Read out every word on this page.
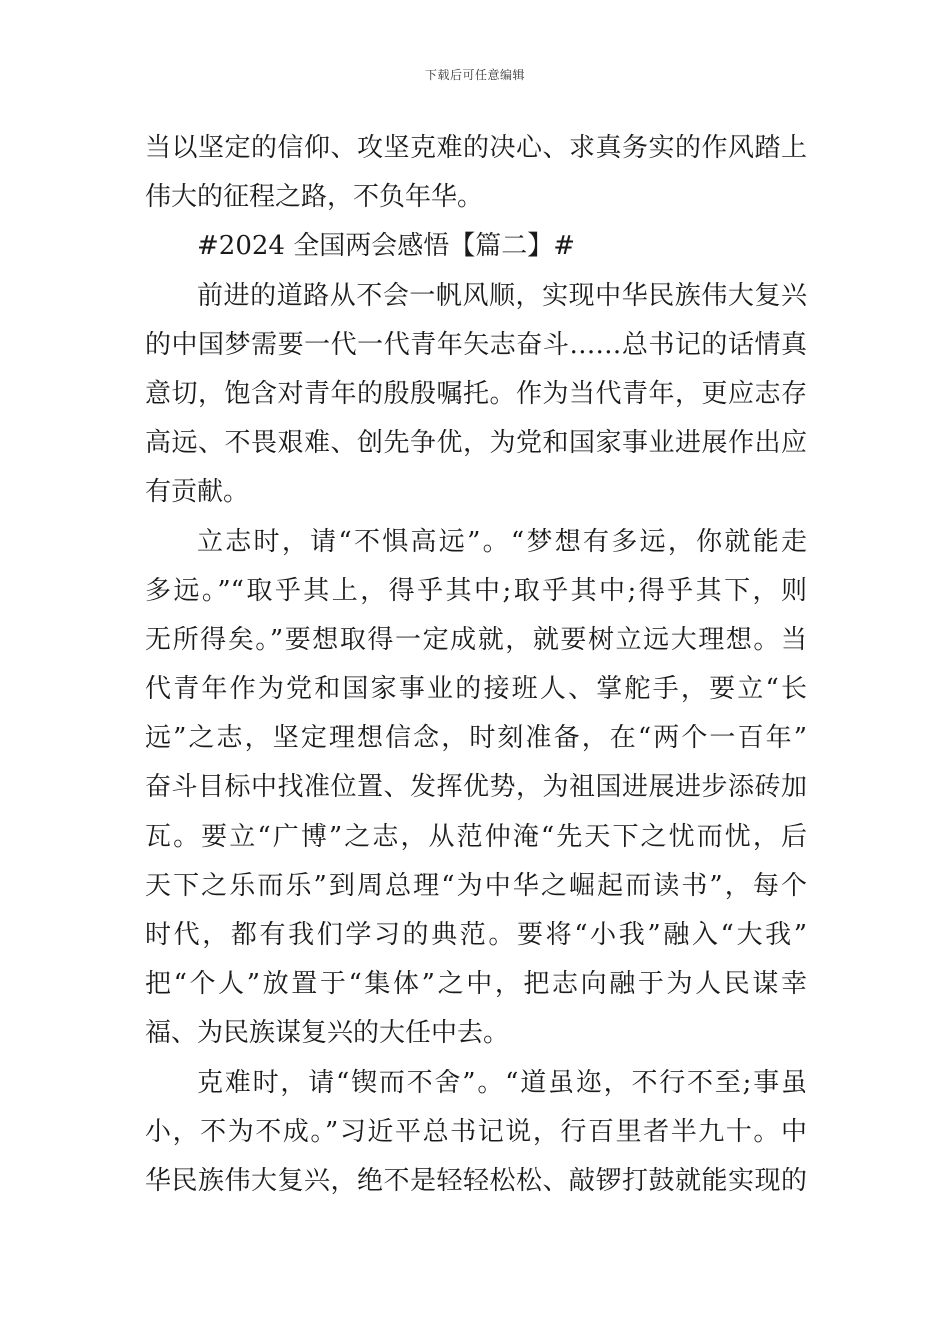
下载后可任意编辑
当以坚定的信仰、攻坚克难的决心、求真务实的作风踏上
伟大的征程之路，不负年华。
#2024 全国两会感悟【篇二】#
前进的道路从不会一帆风顺，实现中华民族伟大复兴
的中国梦需要一代一代青年矢志奋斗……总书记的话情真
意切，饱含对青年的殷殷嘱托。作为当代青年，更应志存
高远、不畏艰难、创先争优，为党和国家事业进展作出应
有贡献。
立志时，请“不惧高远”。“梦想有多远，你就能走
多远。”“取乎其上，得乎其中;取乎其中;得乎其下，则
无所得矣。”要想取得一定成就，就要树立远大理想。当
代青年作为党和国家事业的接班人、掌舵手，要立“长
远”之志，坚定理想信念，时刻准备，在“两个一百年”
奋斗目标中找准位置、发挥优势，为祖国进展进步添砖加
瓦。要立“广博”之志，从范仲淹“先天下之忧而忧，后
天下之乐而乐”到周总理“为中华之崛起而读书”，每个
时代，都有我们学习的典范。要将“小我”融入“大我”
把“个人”放置于“集体”之中，把志向融于为人民谋幸
福、为民族谋复兴的大任中去。
克难时，请“锲而不舍”。“道虽迩，不行不至;事虽
小，不为不成。”习近平总书记说，行百里者半九十。中
华民族伟大复兴，绝不是轻轻松松、敲锣打鼓就能实现的
